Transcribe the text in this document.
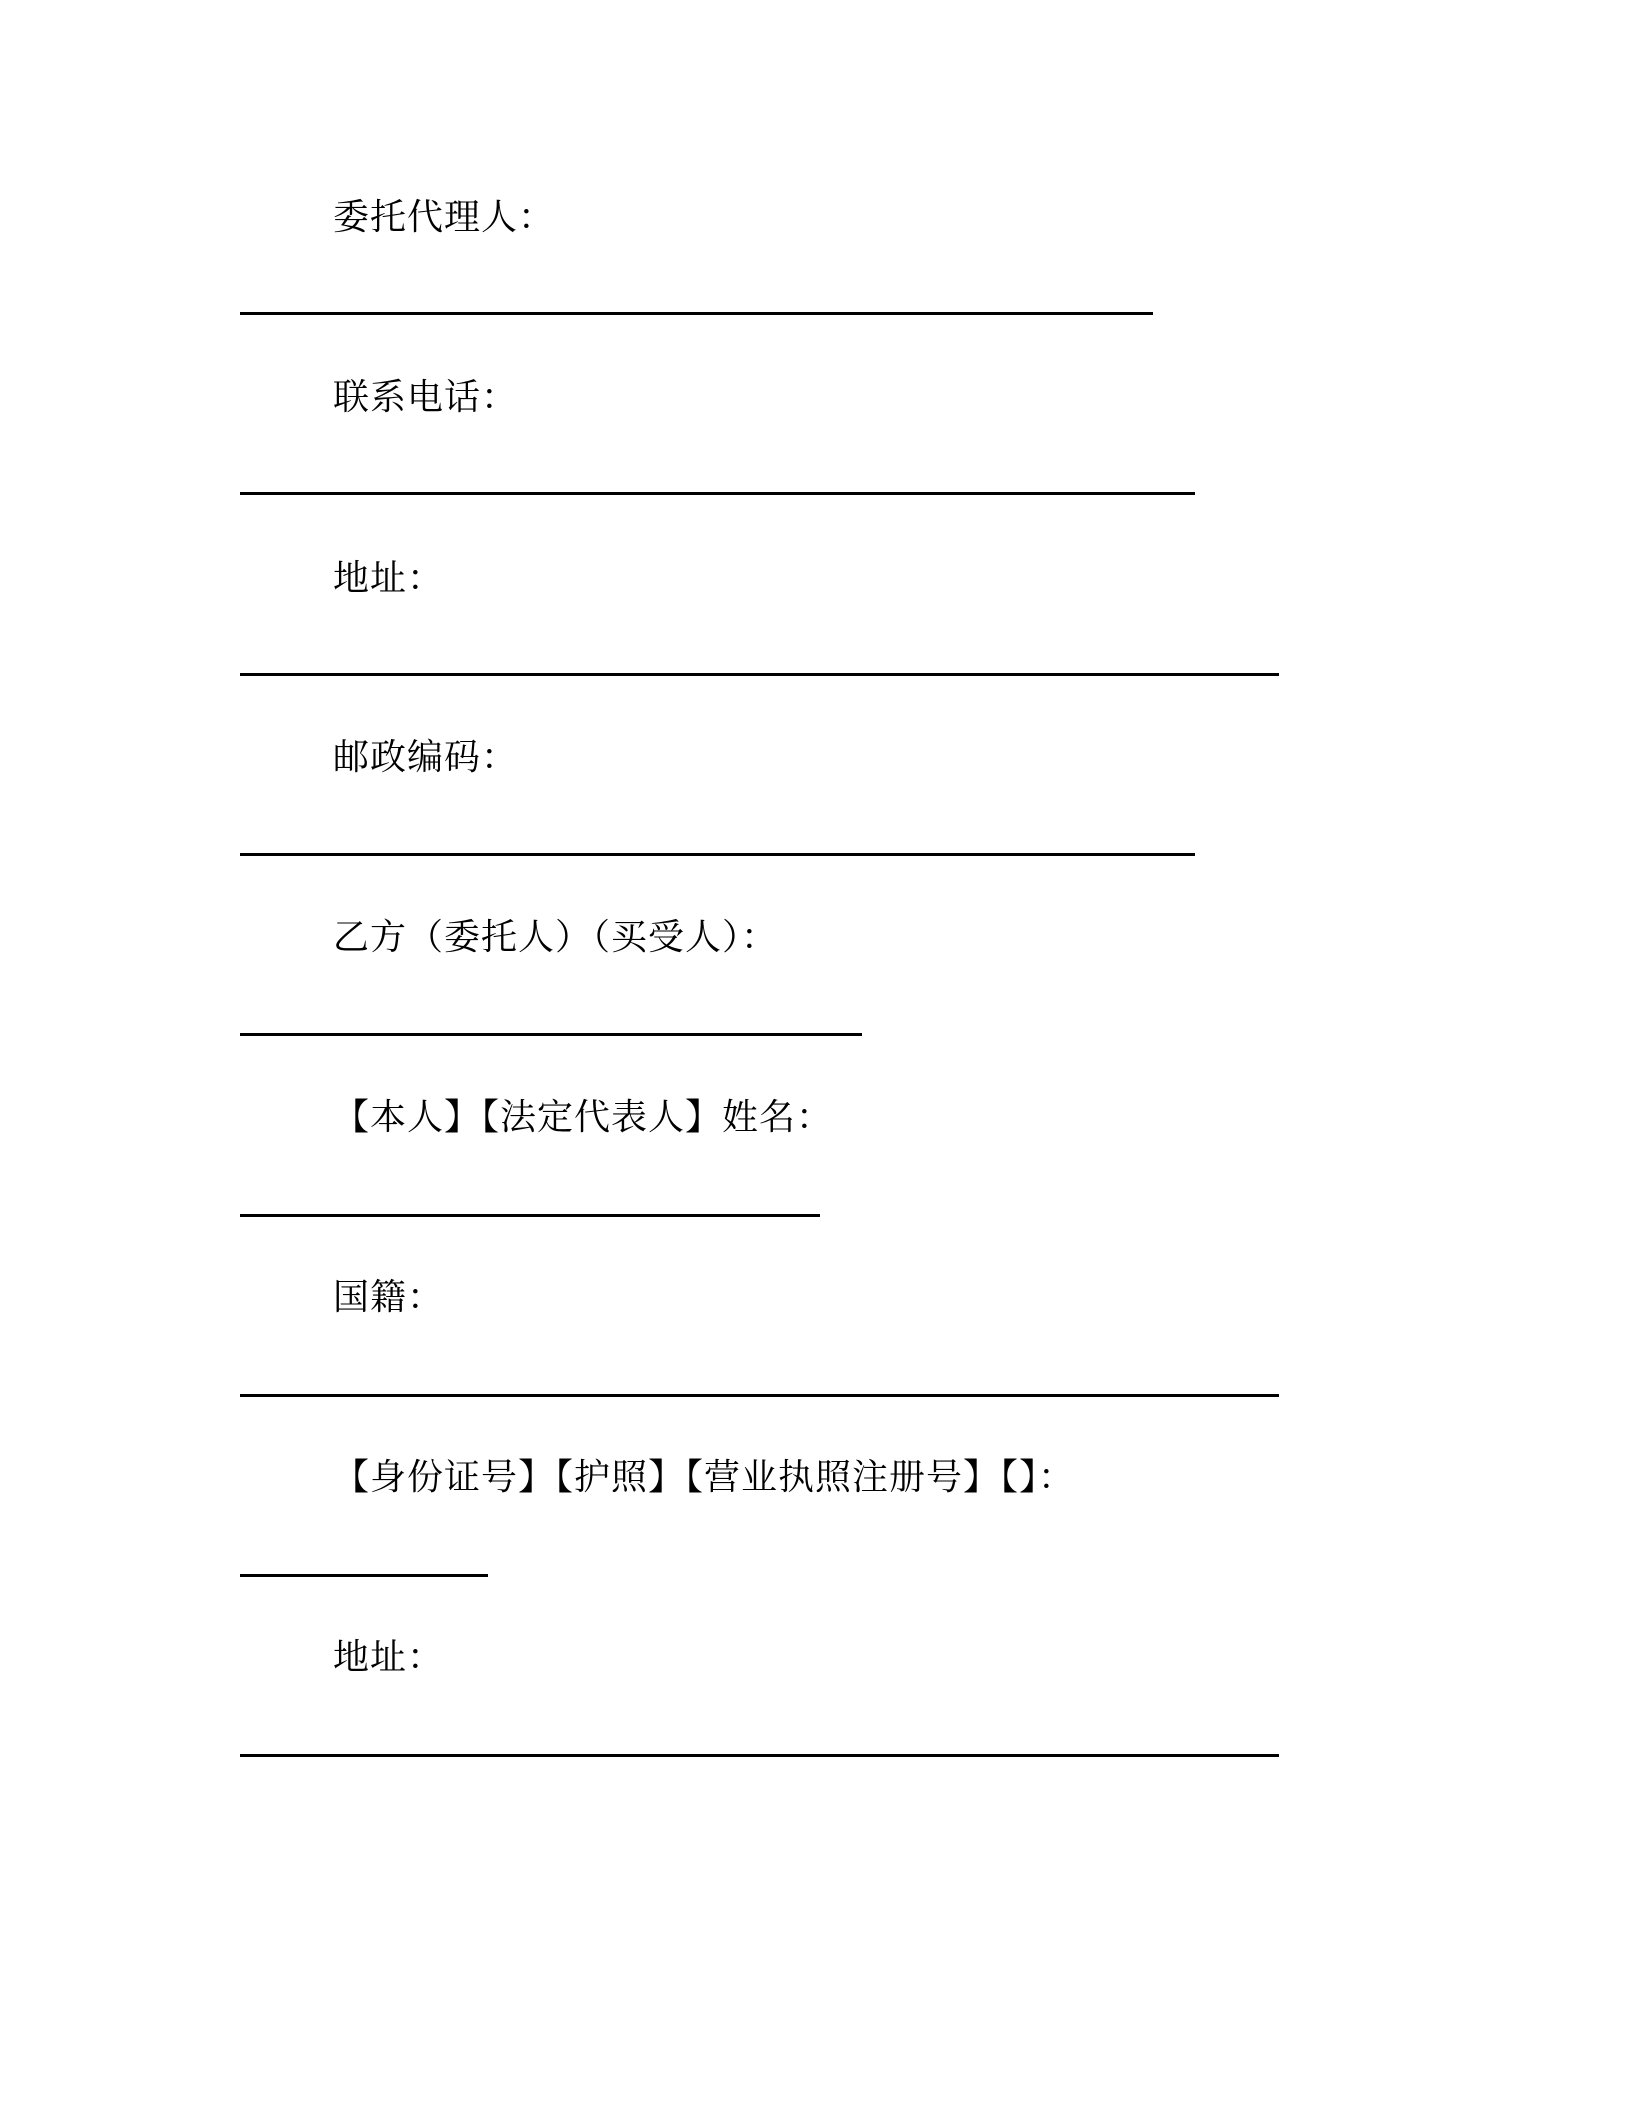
委托代理人：
联系电话：
地址：
邮政编码：
乙方（委托人）（买受人）：
【本人】【法定代表人】姓名：
国籍：
【身份证号】【护照】【营业执照注册号】【】：
地址：
